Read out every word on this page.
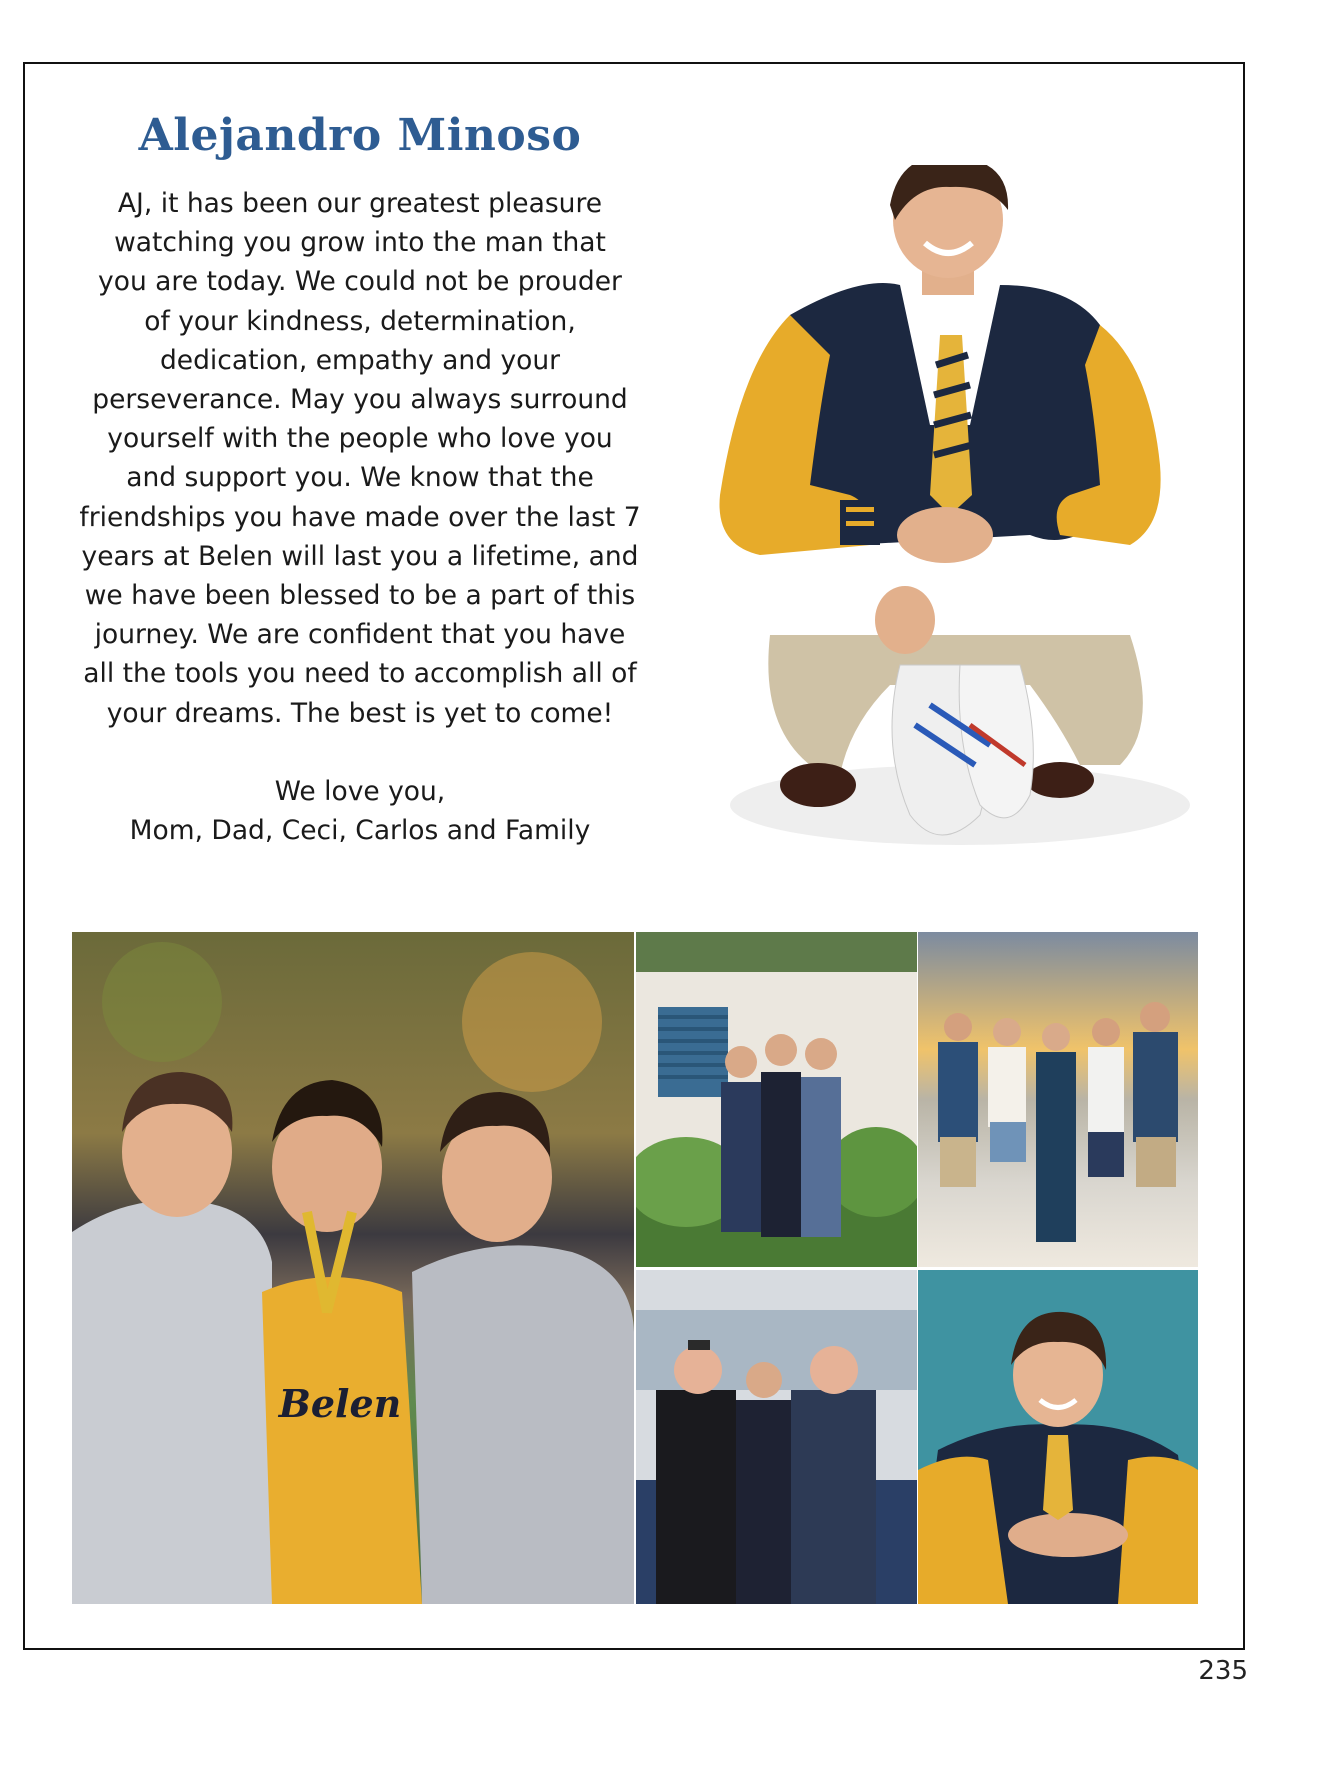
Alejandro Minoso
AJ, it has been our greatest pleasure
watching you grow into the man that
you are today. We could not be prouder
of your kindness, determination,
dedication, empathy and your
perseverance. May you always surround
yourself with the people who love you
and support you. We know that the
friendships you have made over the last 7
years at Belen will last you a lifetime, and
we have been blessed to be a part of this
journey. We are confident that you have
all the tools you need to accomplish all of
your dreams. The best is yet to come!
We love you,
Mom, Dad, Ceci, Carlos and Family
Belen
235
